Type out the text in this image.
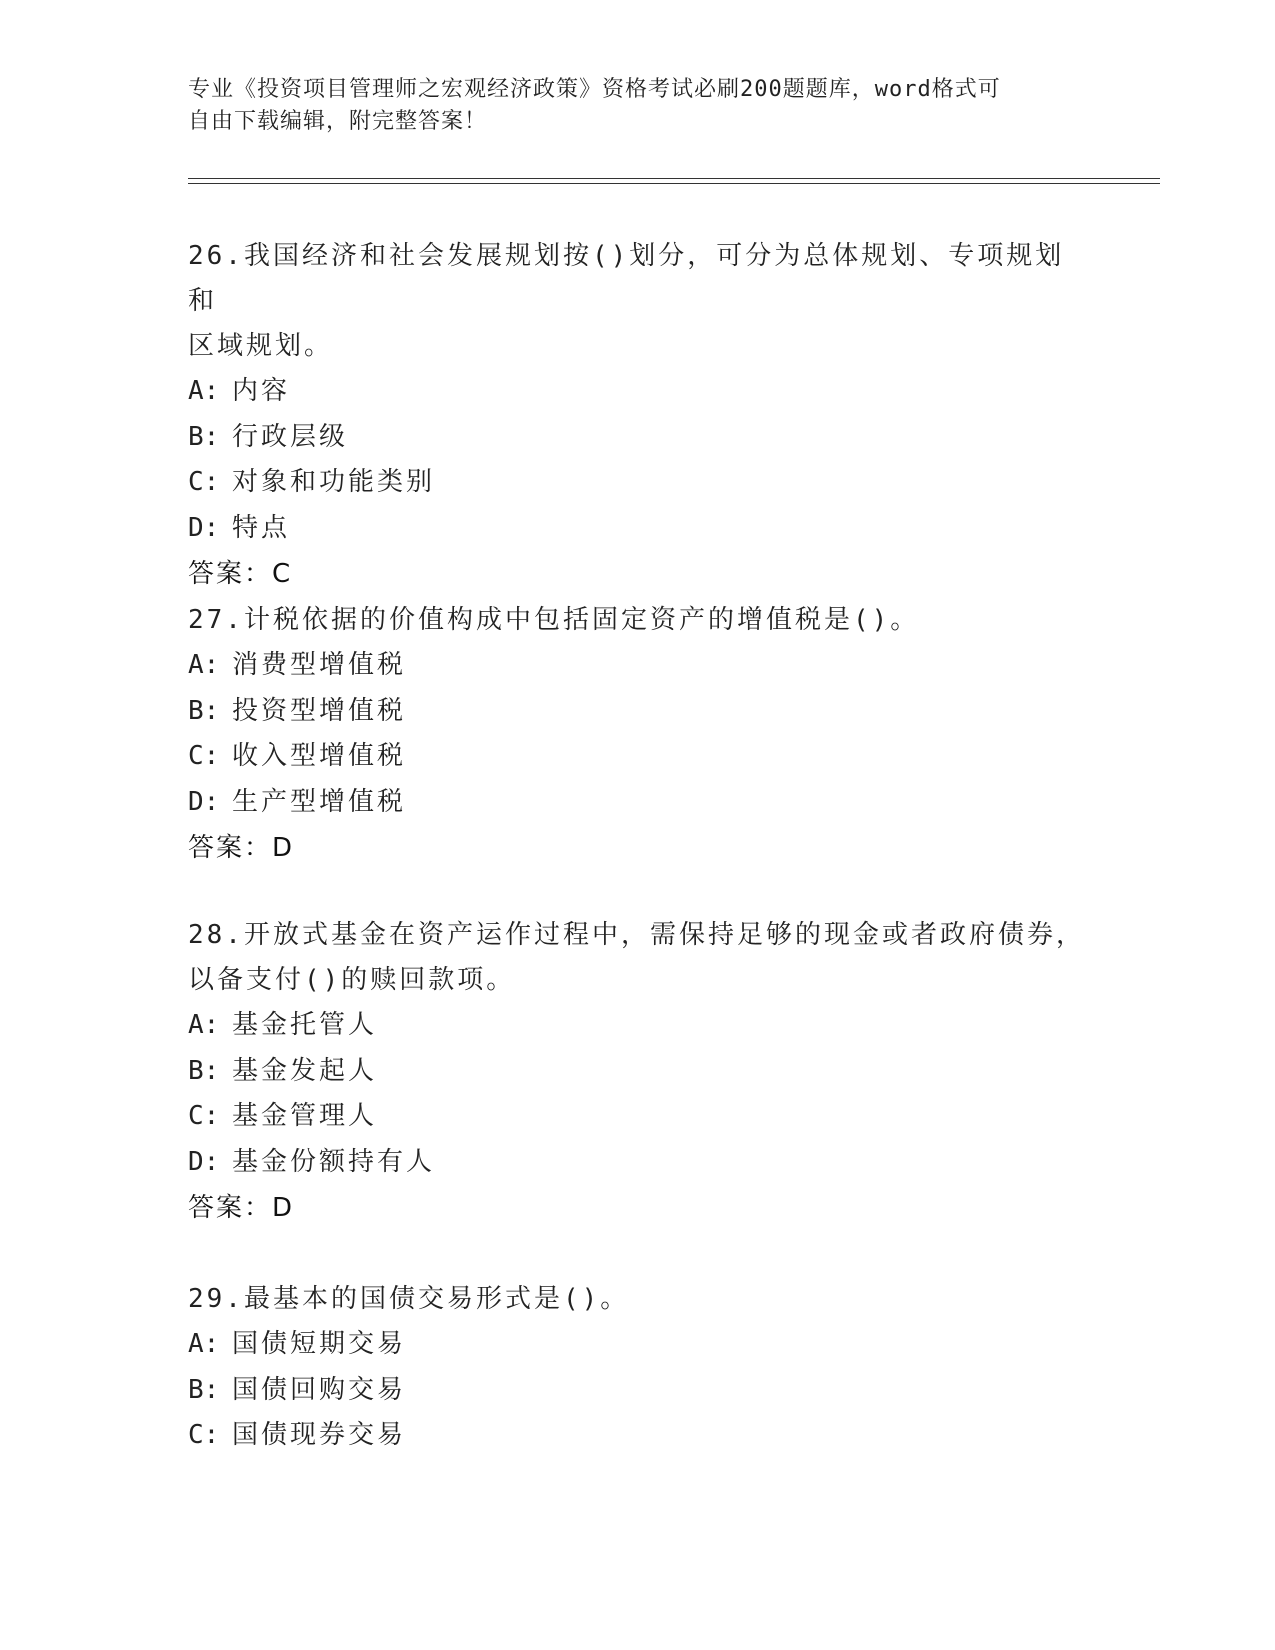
专业《投资项目管理师之宏观经济政策》资格考试必刷200题题库，word格式可
自由下载编辑，附完整答案！

26.我国经济和社会发展规划按()划分，可分为总体规划、专项规划和

区域规划。

A: 内容

B: 行政层级

C: 对象和功能类别

D: 特点

答案：C

27.计税依据的价值构成中包括固定资产的增值税是()。

A: 消费型增值税

B: 投资型增值税

C: 收入型增值税

D: 生产型增值税

答案：D

28.开放式基金在资产运作过程中，需保持足够的现金或者政府债券，

以备支付()的赎回款项。

A: 基金托管人

B: 基金发起人

C: 基金管理人

D: 基金份额持有人

答案：D

29.最基本的国债交易形式是()。

A: 国债短期交易

B: 国债回购交易

C: 国债现券交易
